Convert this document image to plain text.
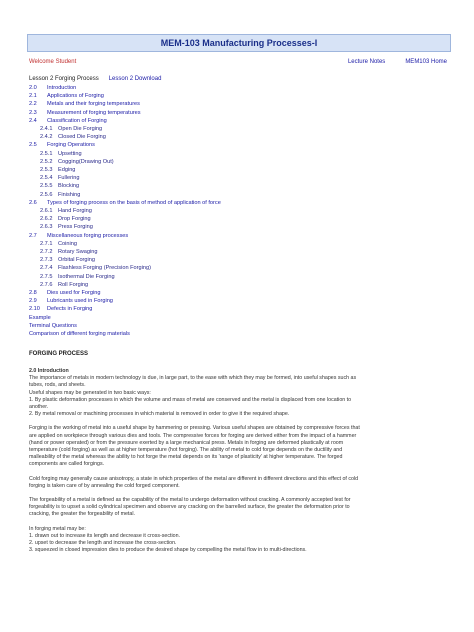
MEM-103 Manufacturing Processes-I
Welcome Student	Lecture Notes	MEM103 Home
Lesson 2 Forging Process Lesson 2 Download
2.0 Introduction
2.1 Applications of Forging
2.2 Metals and their forging temperatures
2.3 Measurement of forging temperatures
2.4 Classification of Forging
2.4.1 Open Die Forging
2.4.2 Closed Die Forging
2.5 Forging Operations
2.5.1 Upsetting
2.5.2 Cogging(Drawing Out)
2.5.3 Edging
2.5.4 Fullering
2.5.5 Blocking
2.5.6 Finishing
2.6 Types of forging process on the basis of method of application of force
2.6.1 Hand Forging
2.6.2 Drop Forging
2.6.3 Press Forging
2.7 Miscellaneous forging processes
2.7.1 Coining
2.7.2 Rotary Swaging
2.7.3 Orbital Forging
2.7.4 Flashless Forging (Precision Forging)
2.7.5 Isothermal Die Forging
2.7.6 Roll Forging
2.8 Dies used for Forging
2.9 Lubricants used in Forging
2.10 Defects in Forging
Example
Terminal Questions
Comparison of different forging materials
FORGING PROCESS
2.0 Introduction

The importance of metals in modern technology is due, in large part, to the ease with which they may be formed, into useful shapes such as
tubes, rods, and sheets.
Useful shapes may be generated in two basic ways:
1. By plastic deformation processes in which the volume and mass of metal are conserved and the metal is displaced from one location to
another.
2. By metal removal or machining processes in which material is removed in order to give it the required shape.

Forging is the working of metal into a useful shape by hammering or pressing. Various useful shapes are obtained by compressive forces that
are applied on workpiece through various dies and tools. The compressive forces for forging are derived either from the impact of a hammer
(hand or power operated) or from the pressure exerted by a large mechanical press. Metals in forging are deformed plastically at room
temperature (cold forging) as well as at higher temperature (hot forging). The ability of metal to cold forge depends on the ductility and
malleability of the metal whereas the ability to hot forge the metal depends on its 'range of plasticity' at higher temperature. The forged
components are called forgings.

Cold forging may generally cause anisotropy, a state in which properties of the metal are different in different directions and this effect of cold
forging is taken care of by annealing the cold forged component.

The forgeability of a metal is defined as the capability of the metal to undergo deformation without cracking. A commonly accepted test for
forgeability is to upset a solid cylindrical specimen and observe any cracking on the barrelled surface, the greater the deformation prior to
cracking, the greater the forgeability of metal.

In forging metal may be:
1. drawn out to increase its length and decrease it cross-section.
2. upset to decrease the length and increase the cross-section.
3. squeezed in closed impression dies to produce the desired shape by compelling the metal flow in to multi-directions.
